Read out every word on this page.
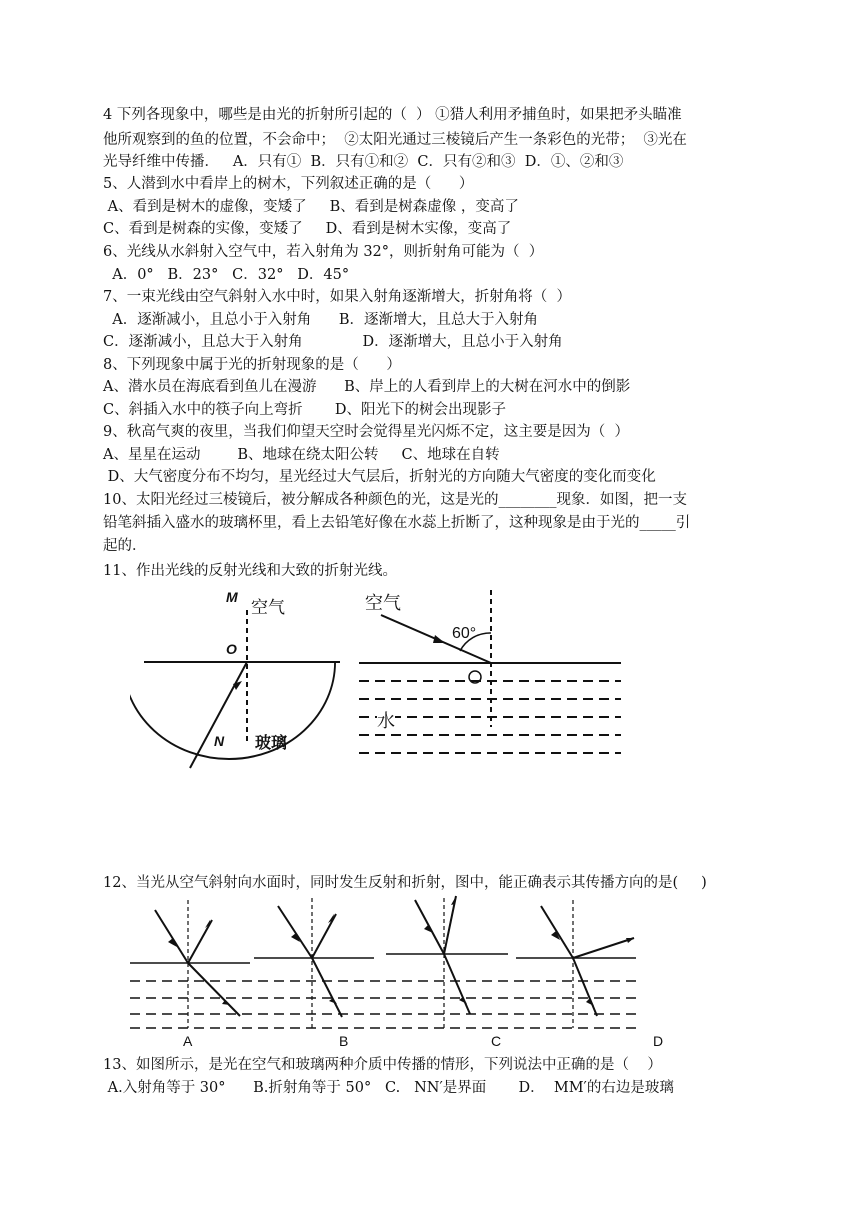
4 下列各现象中，哪些是由光的折射所引起的（  ） ①猎人利用矛捕鱼时，如果把矛头瞄准
他所观察到的鱼的位置，不会命中；  ②太阳光通过三棱镜后产生一条彩色的光带；  ③光在
光导纤维中传播．   A．只有①  B．只有①和②  C．只有②和③  D．①、②和③
5、人潜到水中看岸上的树木，下列叙述正确的是（      ）
A、看到是树木的虚像，变矮了     B、看到是树森虚像 ，变高了
C、看到是树森的实像，变矮了     D、看到是树木实像，变高了
6、光线从水斜射入空气中，若入射角为 32°，则折射角可能为（  ）
A．0°   B．23°   C．32°   D．45°
7、一束光线由空气斜射入水中时，如果入射角逐渐增大，折射角将（  ）
A．逐渐减小，且总小于入射角      B．逐渐增大，且总大于入射角
C．逐渐减小，且总大于入射角             D．逐渐增大，且总小于入射角
8、下列现象中属于光的折射现象的是（      ）
A、潜水员在海底看到鱼儿在漫游      B、岸上的人看到岸上的大树在河水中的倒影
C、斜插入水中的筷子向上弯折       D、阳光下的树会出现影子
9、秋高气爽的夜里，当我们仰望天空时会觉得星光闪烁不定，这主要是因为（  ）
A、星星在运动        B、地球在绕太阳公转     C、地球在自转
D、大气密度分布不均匀，星光经过大气层后，折射光的方向随大气密度的变化而变化
10、太阳光经过三棱镜后，被分解成各种颜色的光，这是光的________现象．如图，把一支
铅笔斜插入盛水的玻璃杯里，看上去铅笔好像在水蕊上折断了，这种现象是由于光的_____引
起的．
11、作出光线的反射光线和大致的折射光线。
M
空气
O
N 玻璃
空气
60°
水
12、当光从空气斜射向水面时，同时发生反射和折射，图中，能正确表示其传播方向的是(     )
A	B	C	D
13、如图所示，是光在空气和玻璃两种介质中传播的情形，下列说法中正确的是（    ）
A.入射角等于 30°      B.折射角等于 50°   C.   NN′是界面       D．  MM′的右边是玻璃
